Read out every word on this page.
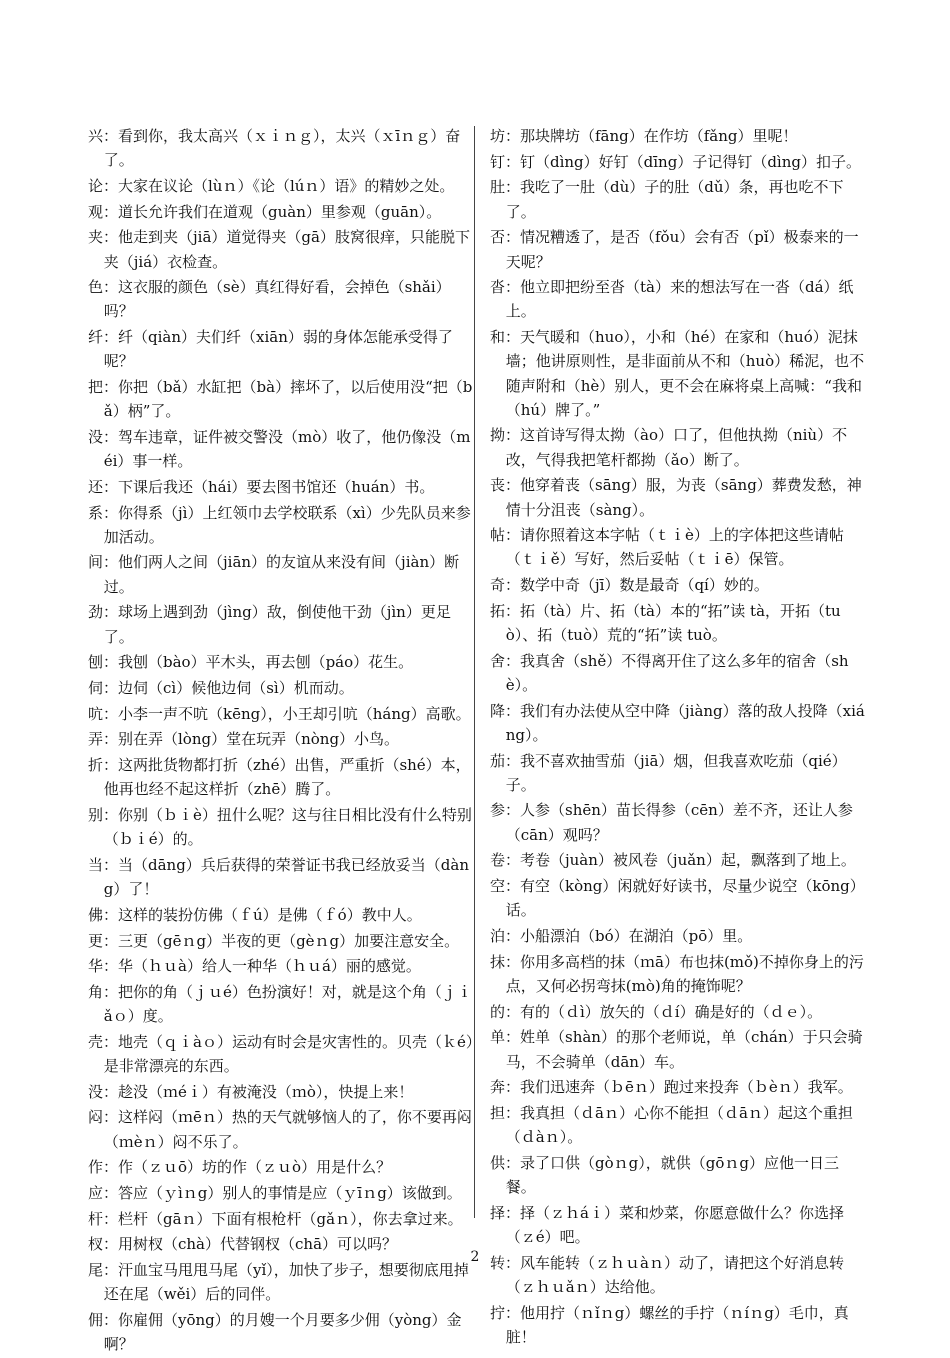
兴：看到你，我太高兴（ｘｉｎｇ），太兴（ｘīｎｇ）奋了。

论：大家在议论（lùｎ）《论（lúｎ）语》的精妙之处。

观：道长允许我们在道观（guàn）里参观（guān）。

夹：他走到夹（jiā）道觉得夹（gā）肢窝很痒，只能脱下夹（jiá）衣检查。

色：这衣服的颜色（sè）真红得好看，会掉色（shǎi）吗？

纤：纤（qiàn）夫们纤（xiān）弱的身体怎能承受得了呢？

把：你把（bǎ）水缸把（bà）摔坏了，以后使用没“把（bǎ）柄”了。

没：驾车违章，证件被交警没（mò）收了，他仍像没（méi）事一样。

还：下课后我还（hái）要去图书馆还（huán）书。

系：你得系（jì）上红领巾去学校联系（xì）少先队员来参加活动。

间：他们两人之间（jiān）的友谊从来没有间（jiàn）断过。

劲：球场上遇到劲（jìng）敌，倒使他干劲（jìn）更足了。

刨：我刨（bào）平木头，再去刨（páo）花生。

伺：边伺（cì）候他边伺（sì）机而动。

吭：小李一声不吭（kēng），小王却引吭（háng）高歌。

弄：别在弄（lòng）堂在玩弄（nòng）小鸟。

折：这两批货物都打折（zhé）出售，严重折（shé）本，他再也经不起这样折（zhē）腾了。

别：你别（ｂｉè）扭什么呢？这与往日相比没有什么特别（ｂｉé）的。

当：当（dāng）兵后获得的荣誉证书我已经放妥当（dàng）了！

佛：这样的装扮仿佛（ｆú）是佛（ｆó）教中人。

更：三更（gēｎg）半夜的更（gèｎg）加要注意安全。

华：华（ｈｕà）给人一种华（ｈｕá）丽的感觉。

角：把你的角（ｊｕé）色扮演好！对，就是这个角（ｊｉǎｏ）度。

壳：地壳（ｑｉàｏ）运动有时会是灾害性的。贝壳（ｋé）是非常漂亮的东西。

没：趁没（ｍéｉ）有被淹没（ｍò），快提上来！

闷：这样闷（ｍēｎ）热的天气就够恼人的了，你不要再闷（ｍèｎ）闷不乐了。

作：作（ｚｕō）坊的作（ｚｕò）用是什么？

应：答应（ｙìｎg）别人的事情是应（ｙīｎg）该做到。

杆：栏杆（gāｎ）下面有根枪杆（gǎｎ），你去拿过来。

杈：用树杈（chà）代替钢杈（chā）可以吗？

尾：汗血宝马甩甩马尾（yǐ），加快了步子，想要彻底甩掉还在尾（wěi）后的同伴。

佣：你雇佣（yōng）的月嫂一个月要多少佣（yòng）金啊？

坊：那块牌坊（fāng）在作坊（fǎng）里呢！

钉：钉（dìng）好钉（dīng）子记得钉（dìng）扣子。

肚：我吃了一肚（dù）子的肚（dǔ）条，再也吃不下了。

否：情况糟透了，是否（fǒu）会有否（pǐ）极泰来的一天呢？

沓：他立即把纷至沓（tà）来的想法写在一沓（dá）纸上。

和：天气暖和（huo），小和（hé）在家和（huó）泥抹墙；他讲原则性，是非面前从不和（huò）稀泥，也不随声附和（hè）别人，更不会在麻将桌上高喊：“我和（hú）牌了。”

拗：这首诗写得太拗（ào）口了，但他执拗（niù）不改，气得我把笔杆都拗（ǎo）断了。

丧：他穿着丧（sāng）服，为丧（sāng）葬费发愁，神情十分沮丧（sàng）。

帖：请你照着这本字帖（ｔｉè）上的字体把这些请帖（ｔｉě）写好，然后妥帖（ｔｉē）保管。

奇：数学中奇（jī）数是最奇（qí）妙的。

拓：拓（tà）片、拓（tà）本的“拓”读 tà，开拓（tuò）、拓（tuò）荒的“拓”读 tuò。

舍：我真舍（shě）不得离开住了这么多年的宿舍（shè）。

降：我们有办法使从空中降（jiàng）落的敌人投降（xiáng）。

茄：我不喜欢抽雪茄（jiā）烟，但我喜欢吃茄（qié）子。

参：人参（shēn）苗长得参（cēn）差不齐，还让人参（cān）观吗？

卷：考卷（juàn）被风卷（juǎn）起，飘落到了地上。

空：有空（kòng）闲就好好读书，尽量少说空（kōng）话。

泊：小船漂泊（bó）在湖泊（pō）里。

抹：你用多高档的抹（ｍā）布也抹(mǒ)不掉你身上的污点，又何必拐弯抹(mò)角的掩饰呢？

的：有的（ｄì）放矢的（ｄí）确是好的（ｄｅ）。

单：姓单（shàn）的那个老师说，单（chán）于只会骑马，不会骑单（dān）车。

奔：我们迅速奔（ｂēｎ）跑过来投奔（ｂèｎ）我军。

担：我真担（ｄāｎ）心你不能担（ｄāｎ）起这个重担（ｄàｎ）。

供：录了口供（gòｎg），就供（gōｎg）应他一日三餐。

择：择（ｚｈáｉ）菜和炒菜，你愿意做什么？你选择（ｚé）吧。

转：风车能转（ｚｈｕàｎ）动了，请把这个好消息转（ｚｈｕǎｎ）达给他。

拧：他用拧（ｎǐｎg）螺丝的手拧（ｎíｎg）毛巾，真脏！

2
